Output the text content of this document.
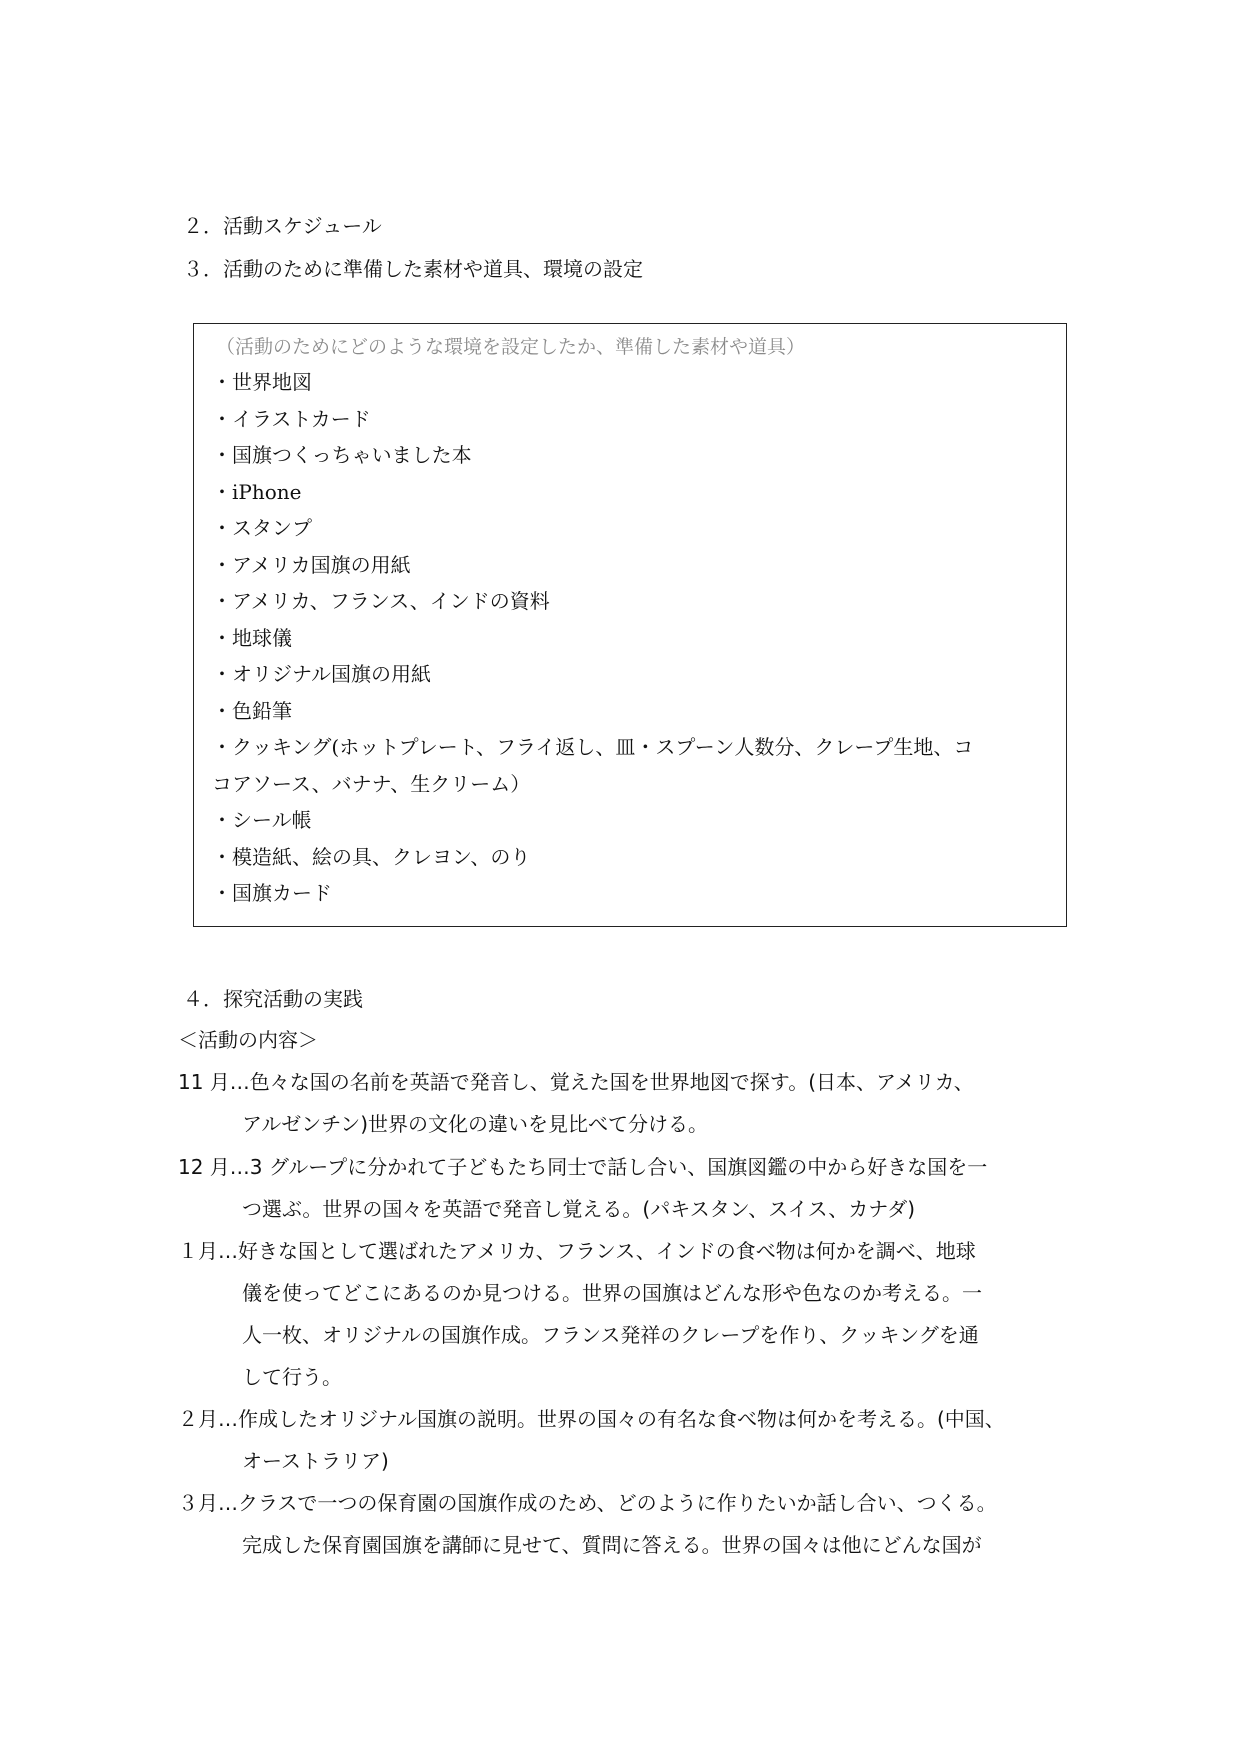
２．活動スケジュール
３．活動のために準備した素材や道具、環境の設定
（活動のためにどのような環境を設定したか、準備した素材や道具）
・世界地図
・イラストカード
・国旗つくっちゃいました本
・iPhone
・スタンプ
・アメリカ国旗の用紙
・アメリカ、フランス、インドの資料
・地球儀
・オリジナル国旗の用紙
・色鉛筆
・クッキング(ホットプレート、フライ返し、皿・スプーン人数分、クレープ生地、コ
コアソース、バナナ、生クリーム）
・シール帳
・模造紙、絵の具、クレヨン、のり
・国旗カード
４．探究活動の実践
＜活動の内容＞
11 月…色々な国の名前を英語で発音し、覚えた国を世界地図で探す。(日本、アメリカ、
アルゼンチン)世界の文化の違いを見比べて分ける。
12 月…3 グループに分かれて子どもたち同士で話し合い、国旗図鑑の中から好きな国を一
つ選ぶ。世界の国々を英語で発音し覚える。(パキスタン、スイス、カナダ)
１月…好きな国として選ばれたアメリカ、フランス、インドの食べ物は何かを調べ、地球
儀を使ってどこにあるのか見つける。世界の国旗はどんな形や色なのか考える。一
人一枚、オリジナルの国旗作成。フランス発祥のクレープを作り、クッキングを通
して行う。
２月…作成したオリジナル国旗の説明。世界の国々の有名な食べ物は何かを考える。(中国、
オーストラリア)
３月…クラスで一つの保育園の国旗作成のため、どのように作りたいか話し合い、つくる。
完成した保育園国旗を講師に見せて、質問に答える。世界の国々は他にどんな国が
